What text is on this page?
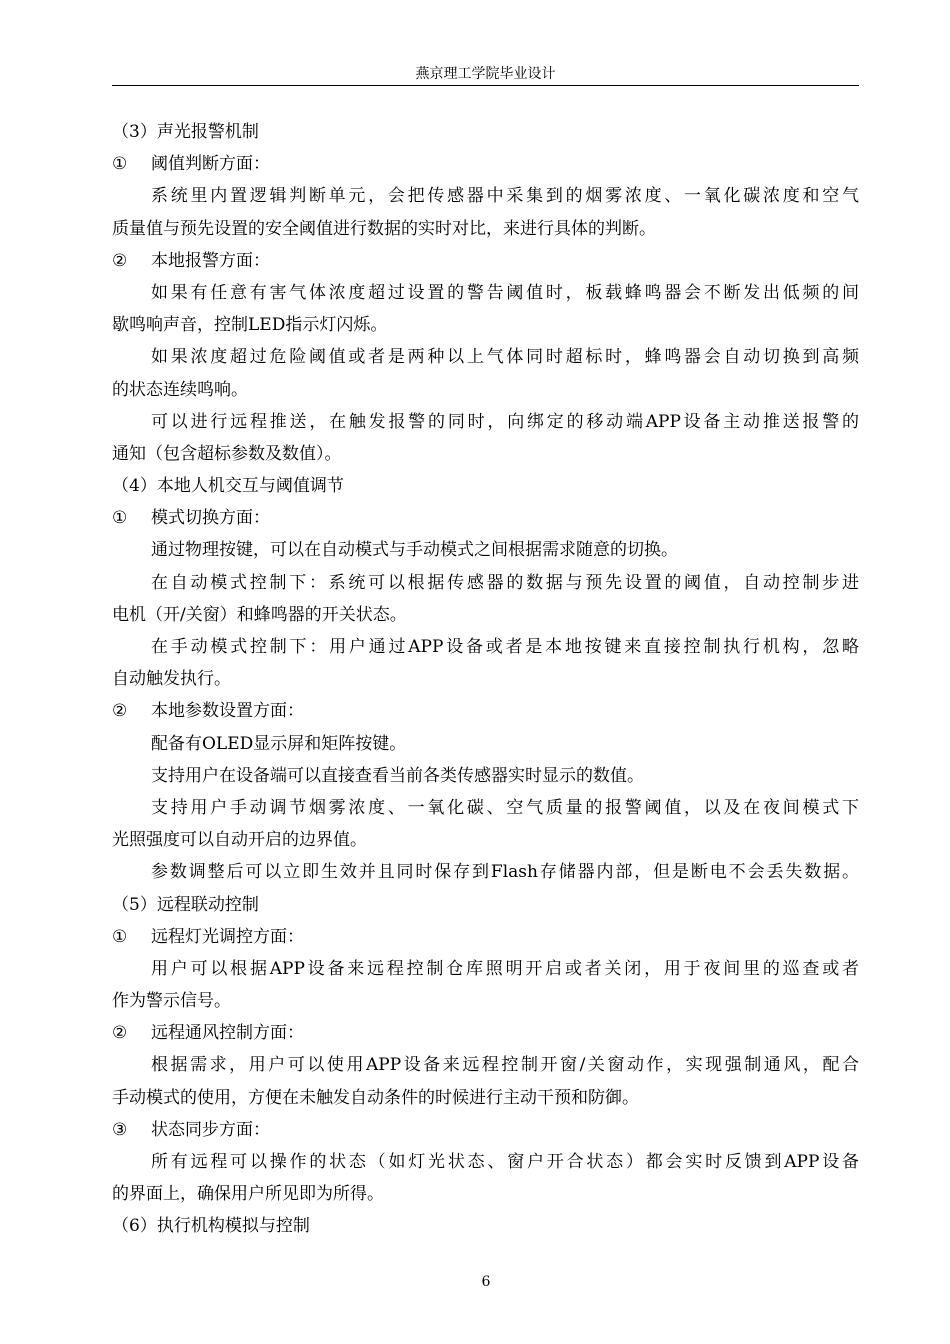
燕京理工学院毕业设计
（3）声光报警机制
① 阈值判断方面：
系统里内置逻辑判断单元，会把传感器中采集到的烟雾浓度、一氧化碳浓度和空气
质量值与预先设置的安全阈值进行数据的实时对比，来进行具体的判断。
② 本地报警方面：
如果有任意有害气体浓度超过设置的警告阈值时，板载蜂鸣器会不断发出低频的间
歇鸣响声音，控制LED指示灯闪烁。
如果浓度超过危险阈值或者是两种以上气体同时超标时，蜂鸣器会自动切换到高频
的状态连续鸣响。
可以进行远程推送，在触发报警的同时，向绑定的移动端APP设备主动推送报警的
通知（包含超标参数及数值）。
（4）本地人机交互与阈值调节
① 模式切换方面：
通过物理按键，可以在自动模式与手动模式之间根据需求随意的切换。
在自动模式控制下：系统可以根据传感器的数据与预先设置的阈值，自动控制步进
电机（开/关窗）和蜂鸣器的开关状态。
在手动模式控制下：用户通过APP设备或者是本地按键来直接控制执行机构，忽略
自动触发执行。
② 本地参数设置方面：
配备有OLED显示屏和矩阵按键。
支持用户在设备端可以直接查看当前各类传感器实时显示的数值。
支持用户手动调节烟雾浓度、一氧化碳、空气质量的报警阈值，以及在夜间模式下
光照强度可以自动开启的边界值。
参数调整后可以立即生效并且同时保存到Flash存储器内部，但是断电不会丢失数据。
（5）远程联动控制
① 远程灯光调控方面：
用户可以根据APP设备来远程控制仓库照明开启或者关闭，用于夜间里的巡查或者
作为警示信号。
② 远程通风控制方面：
根据需求，用户可以使用APP设备来远程控制开窗/关窗动作，实现强制通风，配合
手动模式的使用，方便在未触发自动条件的时候进行主动干预和防御。
③ 状态同步方面：
所有远程可以操作的状态（如灯光状态、窗户开合状态）都会实时反馈到APP设备
的界面上，确保用户所见即为所得。
（6）执行机构模拟与控制
6
